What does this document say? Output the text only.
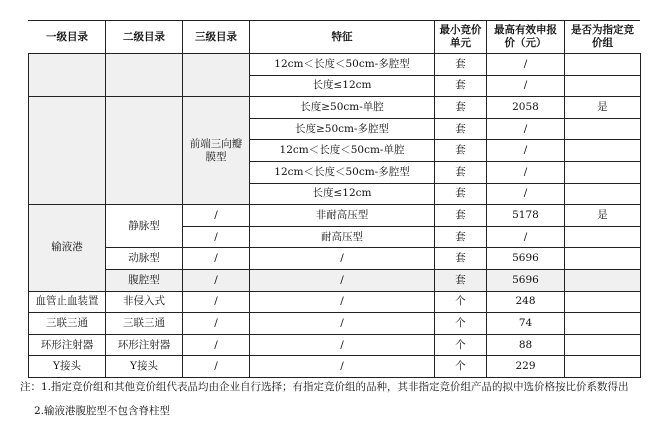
一级目录	二级目录	三级目录	特征	最小竞价单元	最高有效申报价（元）	是否为指定竞价组
			12cm＜长度＜50cm-多腔型	套	/	
			长度≤12cm	套	/	
		前端三向瓣膜型	长度≥50cm-单腔	套	2058	是
			长度≥50cm-多腔型	套	/	
			12cm＜长度＜50cm-单腔	套	/	
			12cm＜长度＜50cm-多腔型	套	/	
			长度≤12cm	套	/	
输液港	静脉型	/	非耐高压型	套	5178	是
		/	耐高压型	套	/	
	动脉型	/	/	套	5696	
	腹腔型	/	/	套	5696	
血管止血装置	非侵入式	/	/	个	248	
三联三通	三联三通	/	/	个	74	
环形注射器	环形注射器	/	/	个	88	
Y接头	Y接头	/	/	个	229	
注：1.指定竞价组和其他竞价组代表品均由企业自行选择；有指定竞价组的品种，其非指定竞价组产品的拟中选价格按比价系数得出
2.输液港腹腔型不包含脊柱型
